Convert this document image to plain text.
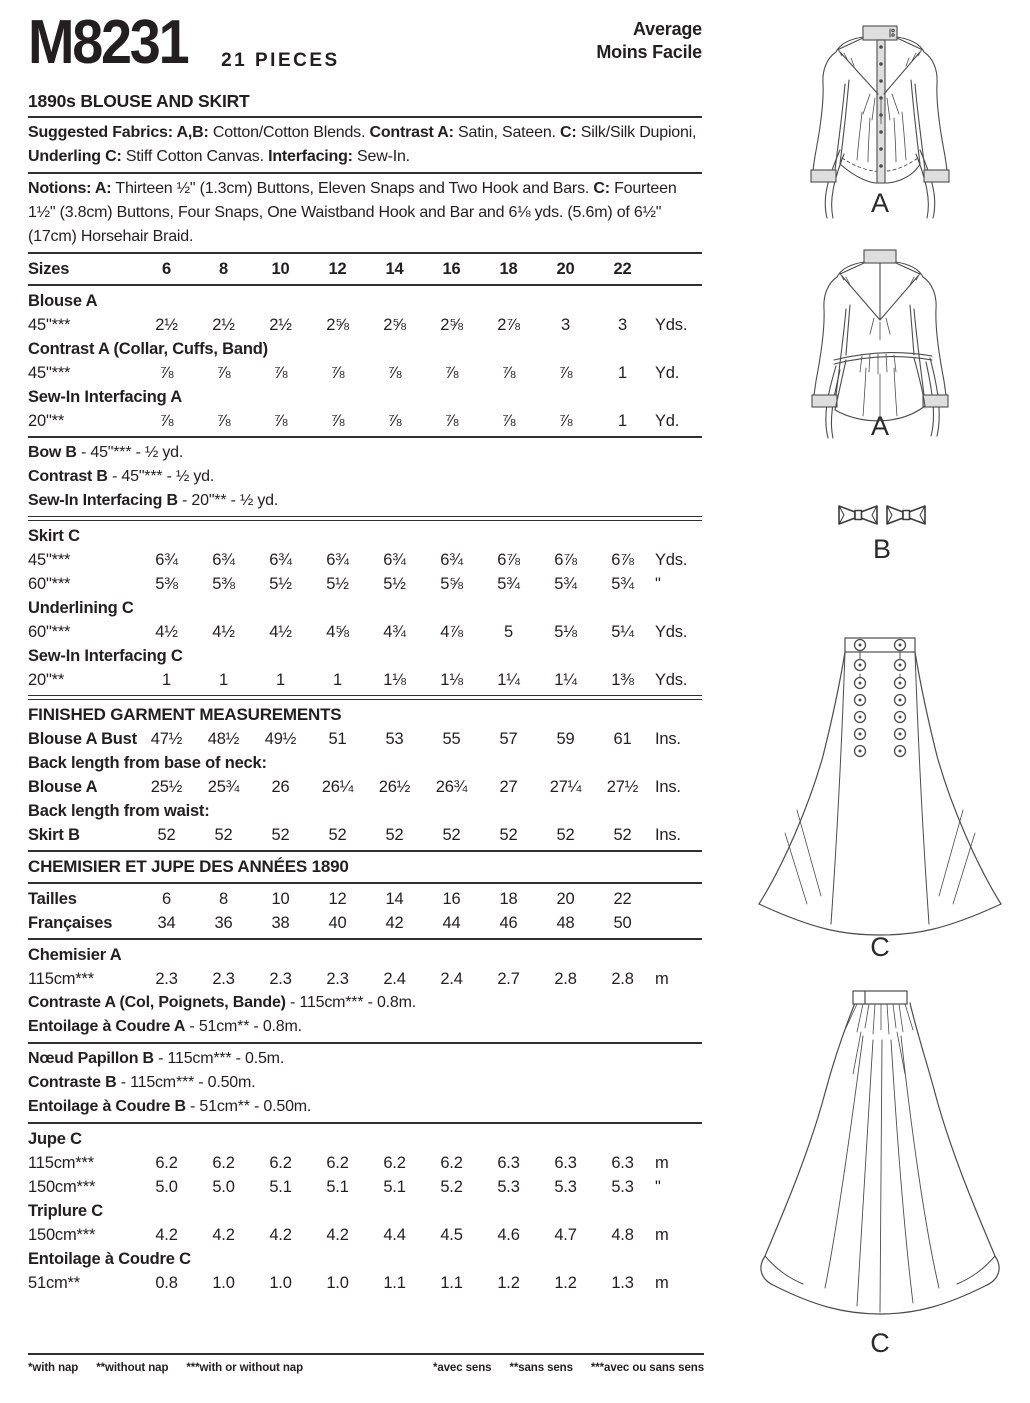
M8231 21 PIECES
Average
Moins Facile
1890s BLOUSE AND SKIRT
Suggested Fabrics: A,B: Cotton/Cotton Blends. Contrast A: Satin, Sateen. C: Silk/Silk Dupioni, Underling C: Stiff Cotton Canvas. Interfacing: Sew-In.
Notions: A: Thirteen ½" (1.3cm) Buttons, Eleven Snaps and Two Hook and Bars. C: Fourteen 1½" (3.8cm) Buttons, Four Snaps, One Waistband Hook and Bar and 6⅛ yds. (5.6m) of 6½" (17cm) Horsehair Braid.
Sizes	6	8	10	12	14	16	18	20	22
Blouse A
45"***	2½	2½	2½	2⅝	2⅝	2⅝	2⅞	3	3	Yds.
Contrast A (Collar, Cuffs, Band)
45"***	⅞	⅞	⅞	⅞	⅞	⅞	⅞	⅞	1	Yd.
Sew-In Interfacing A
20"**	⅞	⅞	⅞	⅞	⅞	⅞	⅞	⅞	1	Yd.
Bow B - 45"*** - ½ yd.
Contrast B - 45"*** - ½ yd.
Sew-In Interfacing B - 20"** - ½ yd.
Skirt C
45"***	6¾	6¾	6¾	6¾	6¾	6¾	6⅞	6⅞	6⅞	Yds.
60"***	5⅜	5⅜	5½	5½	5½	5⅝	5¾	5¾	5¾	"
Underlining C
60"***	4½	4½	4½	4⅝	4¾	4⅞	5	5⅛	5¼	Yds.
Sew-In Interfacing C
20"**	1	1	1	1	1⅛	1⅛	1¼	1¼	1⅜	Yds.
FINISHED GARMENT MEASUREMENTS
Blouse A Bust 47½	48½	49½	51	53	55	57	59	61	Ins.
Back length from base of neck:
Blouse A	25½	25¾	26	26¼	26½	26¾	27	27¼	27½	Ins.
Back length from waist:
Skirt B	52	52	52	52	52	52	52	52	52	Ins.
CHEMISIER ET JUPE DES ANNÉES 1890
Tailles	6	8	10	12	14	16	18	20	22
Françaises	34	36	38	40	42	44	46	48	50
Chemisier A
115cm***	2.3	2.3	2.3	2.3	2.4	2.4	2.7	2.8	2.8	m
Contraste A (Col, Poignets, Bande) - 115cm*** - 0.8m.
Entoilage à Coudre A - 51cm** - 0.8m.
Nœud Papillon B - 115cm*** - 0.5m.
Contraste B - 115cm*** - 0.50m.
Entoilage à Coudre B - 51cm** - 0.50m.
Jupe C
115cm***	6.2	6.2	6.2	6.2	6.2	6.2	6.3	6.3	6.3	m
150cm***	5.0	5.0	5.1	5.1	5.1	5.2	5.3	5.3	5.3	"
Triplure C
150cm***	4.2	4.2	4.2	4.2	4.4	4.5	4.6	4.7	4.8	m
Entoilage à Coudre C
51cm**	0.8	1.0	1.0	1.0	1.1	1.1	1.2	1.2	1.3	m
*with nap **without nap ***with or without nap	*avec sens **sans sens ***avec ou sans sens
A
A
B
C
C
